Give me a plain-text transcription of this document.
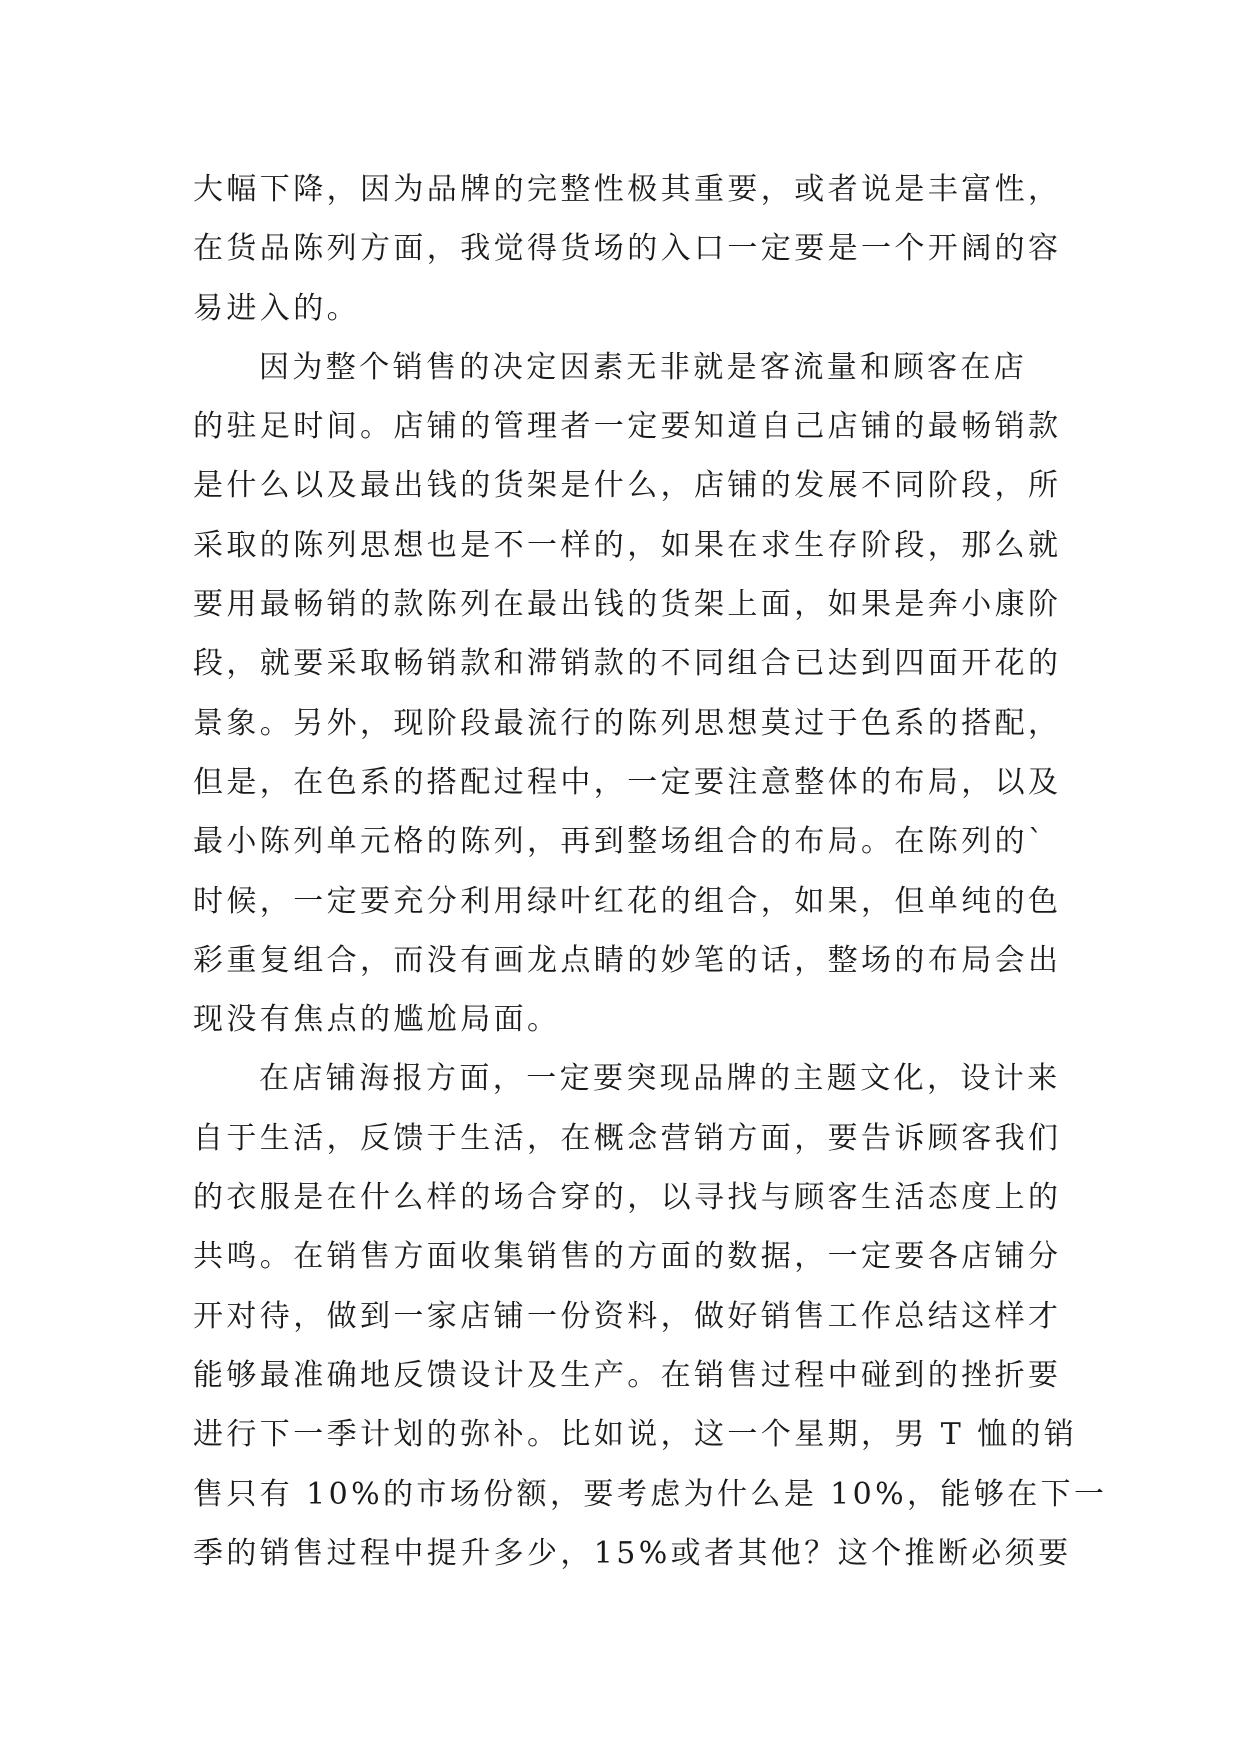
大幅下降，因为品牌的完整性极其重要，或者说是丰富性，
在货品陈列方面，我觉得货场的入口一定要是一个开阔的容
易进入的。
因为整个销售的决定因素无非就是客流量和顾客在店
的驻足时间。店铺的管理者一定要知道自己店铺的最畅销款
是什么以及最出钱的货架是什么，店铺的发展不同阶段，所
采取的陈列思想也是不一样的，如果在求生存阶段，那么就
要用最畅销的款陈列在最出钱的货架上面，如果是奔小康阶
段，就要采取畅销款和滞销款的不同组合已达到四面开花的
景象。另外，现阶段最流行的陈列思想莫过于色系的搭配，
但是，在色系的搭配过程中，一定要注意整体的布局，以及
最小陈列单元格的陈列，再到整场组合的布局。在陈列的`
时候，一定要充分利用绿叶红花的组合，如果，但单纯的色
彩重复组合，而没有画龙点睛的妙笔的话，整场的布局会出
现没有焦点的尴尬局面。
在店铺海报方面，一定要突现品牌的主题文化，设计来
自于生活，反馈于生活，在概念营销方面，要告诉顾客我们
的衣服是在什么样的场合穿的，以寻找与顾客生活态度上的
共鸣。在销售方面收集销售的方面的数据，一定要各店铺分
开对待，做到一家店铺一份资料，做好销售工作总结这样才
能够最准确地反馈设计及生产。在销售过程中碰到的挫折要
进行下一季计划的弥补。比如说，这一个星期，男 T 恤的销
售只有 10%的市场份额，要考虑为什么是 10%，能够在下一
季的销售过程中提升多少，15%或者其他？这个推断必须要
